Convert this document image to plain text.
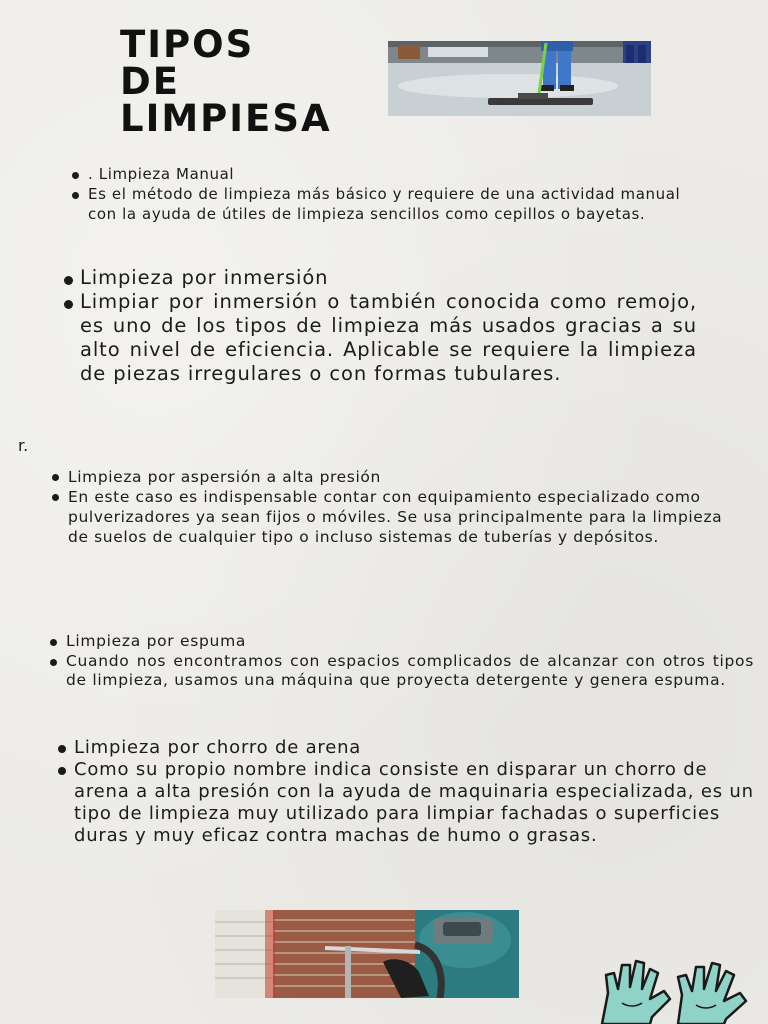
TIPOS
DE
LIMPIESA
. Limpieza Manual
Es el método de limpieza más básico y requiere de una actividad manual con la ayuda de útiles de limpieza sencillos como cepillos o bayetas.
Limpieza por inmersión
Limpiar por inmersión o también conocida como remojo, es uno de los tipos de limpieza más usados gracias a su alto nivel de eficiencia. Aplicable se requiere la limpieza de piezas irregulares o con formas tubulares.
r.
Limpieza por aspersión a alta presión
En este caso es indispensable contar con equipamiento especializado como pulverizadores ya sean fijos o móviles. Se usa principalmente para la limpieza de suelos de cualquier tipo o incluso sistemas de tuberías y depósitos.
Limpieza por espuma
Cuando nos encontramos con espacios complicados de alcanzar con otros tipos de limpieza, usamos una máquina que proyecta detergente y genera espuma.
Limpieza por chorro de arena
Como su propio nombre indica consiste en disparar un chorro de arena a alta presión con la ayuda de maquinaria especializada, es un tipo de limpieza muy utilizado para limpiar fachadas o superficies duras y muy eficaz contra machas de humo o grasas.
